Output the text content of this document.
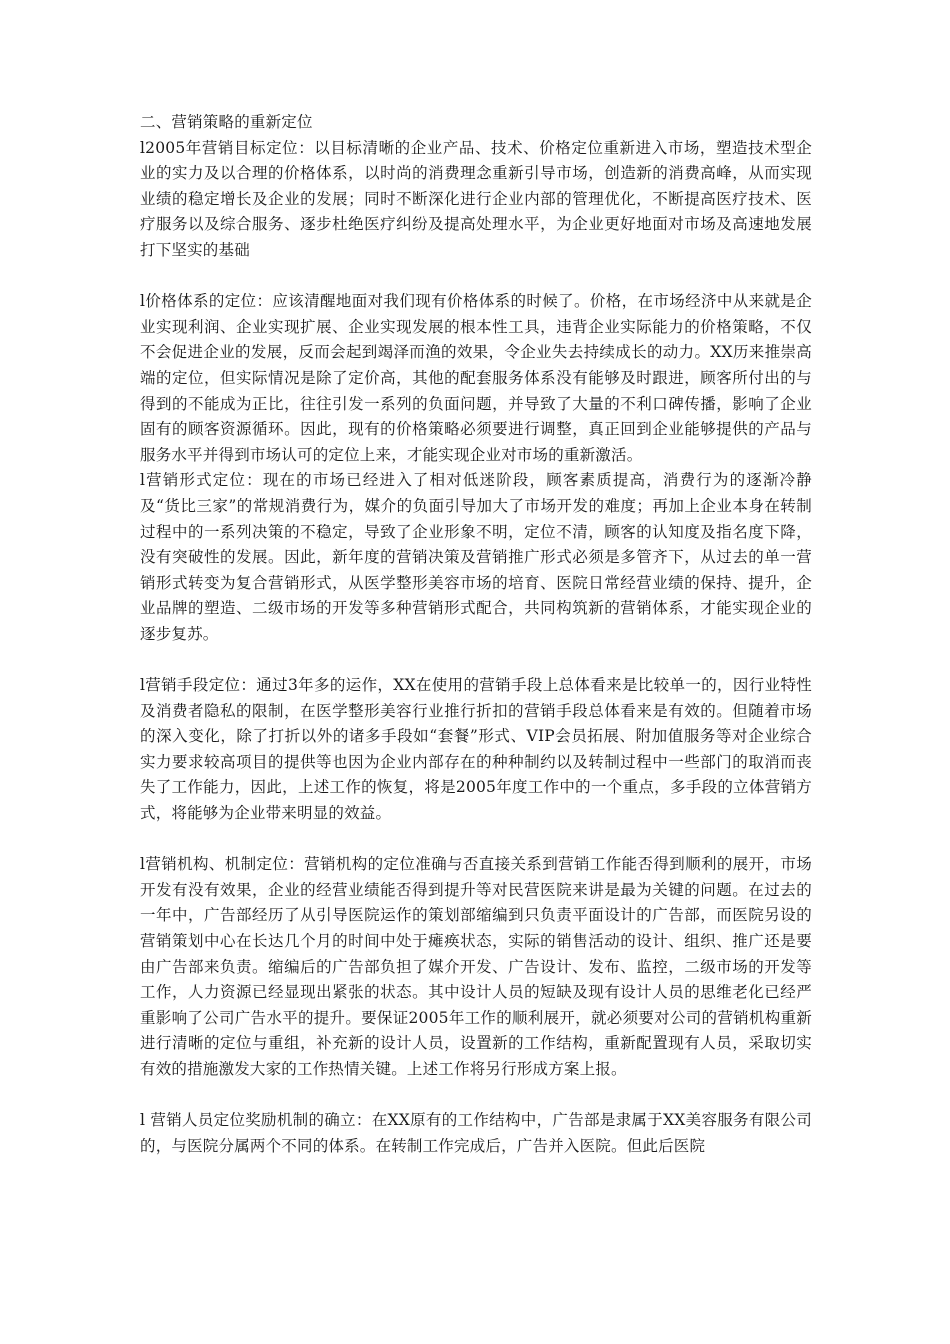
二、营销策略的重新定位

l2005年营销目标定位：以目标清晰的企业产品、技术、价格定位重新进入市场，塑造技术型企业的实力及以合理的价格体系，以时尚的消费理念重新引导市场，创造新的消费高峰，从而实现业绩的稳定增长及企业的发展；同时不断深化进行企业内部的管理优化，不断提高医疗技术、医疗服务以及综合服务、逐步杜绝医疗纠纷及提高处理水平，为企业更好地面对市场及高速地发展打下坚实的基础

l价格体系的定位：应该清醒地面对我们现有价格体系的时候了。价格，在市场经济中从来就是企业实现利润、企业实现扩展、企业实现发展的根本性工具，违背企业实际能力的价格策略，不仅不会促进企业的发展，反而会起到竭泽而渔的效果，令企业失去持续成长的动力。XX历来推崇高端的定位，但实际情况是除了定价高，其他的配套服务体系没有能够及时跟进，顾客所付出的与得到的不能成为正比，往往引发一系列的负面问题，并导致了大量的不利口碑传播，影响了企业固有的顾客资源循环。因此，现有的价格策略必须要进行调整，真正回到企业能够提供的产品与服务水平并得到市场认可的定位上来，才能实现企业对市场的重新激活。

l营销形式定位：现在的市场已经进入了相对低迷阶段，顾客素质提高，消费行为的逐渐冷静及“货比三家”的常规消费行为，媒介的负面引导加大了市场开发的难度；再加上企业本身在转制过程中的一系列决策的不稳定，导致了企业形象不明，定位不清，顾客的认知度及指名度下降，没有突破性的发展。因此，新年度的营销决策及营销推广形式必须是多管齐下，从过去的单一营销形式转变为复合营销形式，从医学整形美容市场的培育、医院日常经营业绩的保持、提升，企业品牌的塑造、二级市场的开发等多种营销形式配合，共同构筑新的营销体系，才能实现企业的逐步复苏。

l营销手段定位：通过3年多的运作，XX在使用的营销手段上总体看来是比较单一的，因行业特性及消费者隐私的限制，在医学整形美容行业推行折扣的营销手段总体看来是有效的。但随着市场的深入变化，除了打折以外的诸多手段如“套餐”形式、VIP会员拓展、附加值服务等对企业综合实力要求较高项目的提供等也因为企业内部存在的种种制约以及转制过程中一些部门的取消而丧失了工作能力，因此，上述工作的恢复，将是2005年度工作中的一个重点，多手段的立体营销方式，将能够为企业带来明显的效益。

l营销机构、机制定位：营销机构的定位准确与否直接关系到营销工作能否得到顺利的展开，市场开发有没有效果，企业的经营业绩能否得到提升等对民营医院来讲是最为关键的问题。在过去的一年中，广告部经历了从引导医院运作的策划部缩编到只负责平面设计的广告部，而医院另设的营销策划中心在长达几个月的时间中处于瘫痪状态，实际的销售活动的设计、组织、推广还是要由广告部来负责。缩编后的广告部负担了媒介开发、广告设计、发布、监控，二级市场的开发等工作，人力资源已经显现出紧张的状态。其中设计人员的短缺及现有设计人员的思维老化已经严重影响了公司广告水平的提升。要保证2005年工作的顺利展开，就必须要对公司的营销机构重新进行清晰的定位与重组，补充新的设计人员，设置新的工作结构，重新配置现有人员，采取切实有效的措施激发大家的工作热情关键。上述工作将另行形成方案上报。

l 营销人员定位奖励机制的确立：在XX原有的工作结构中，广告部是隶属于XX美容服务有限公司的，与医院分属两个不同的体系。在转制工作完成后，广告并入医院。但此后医院
